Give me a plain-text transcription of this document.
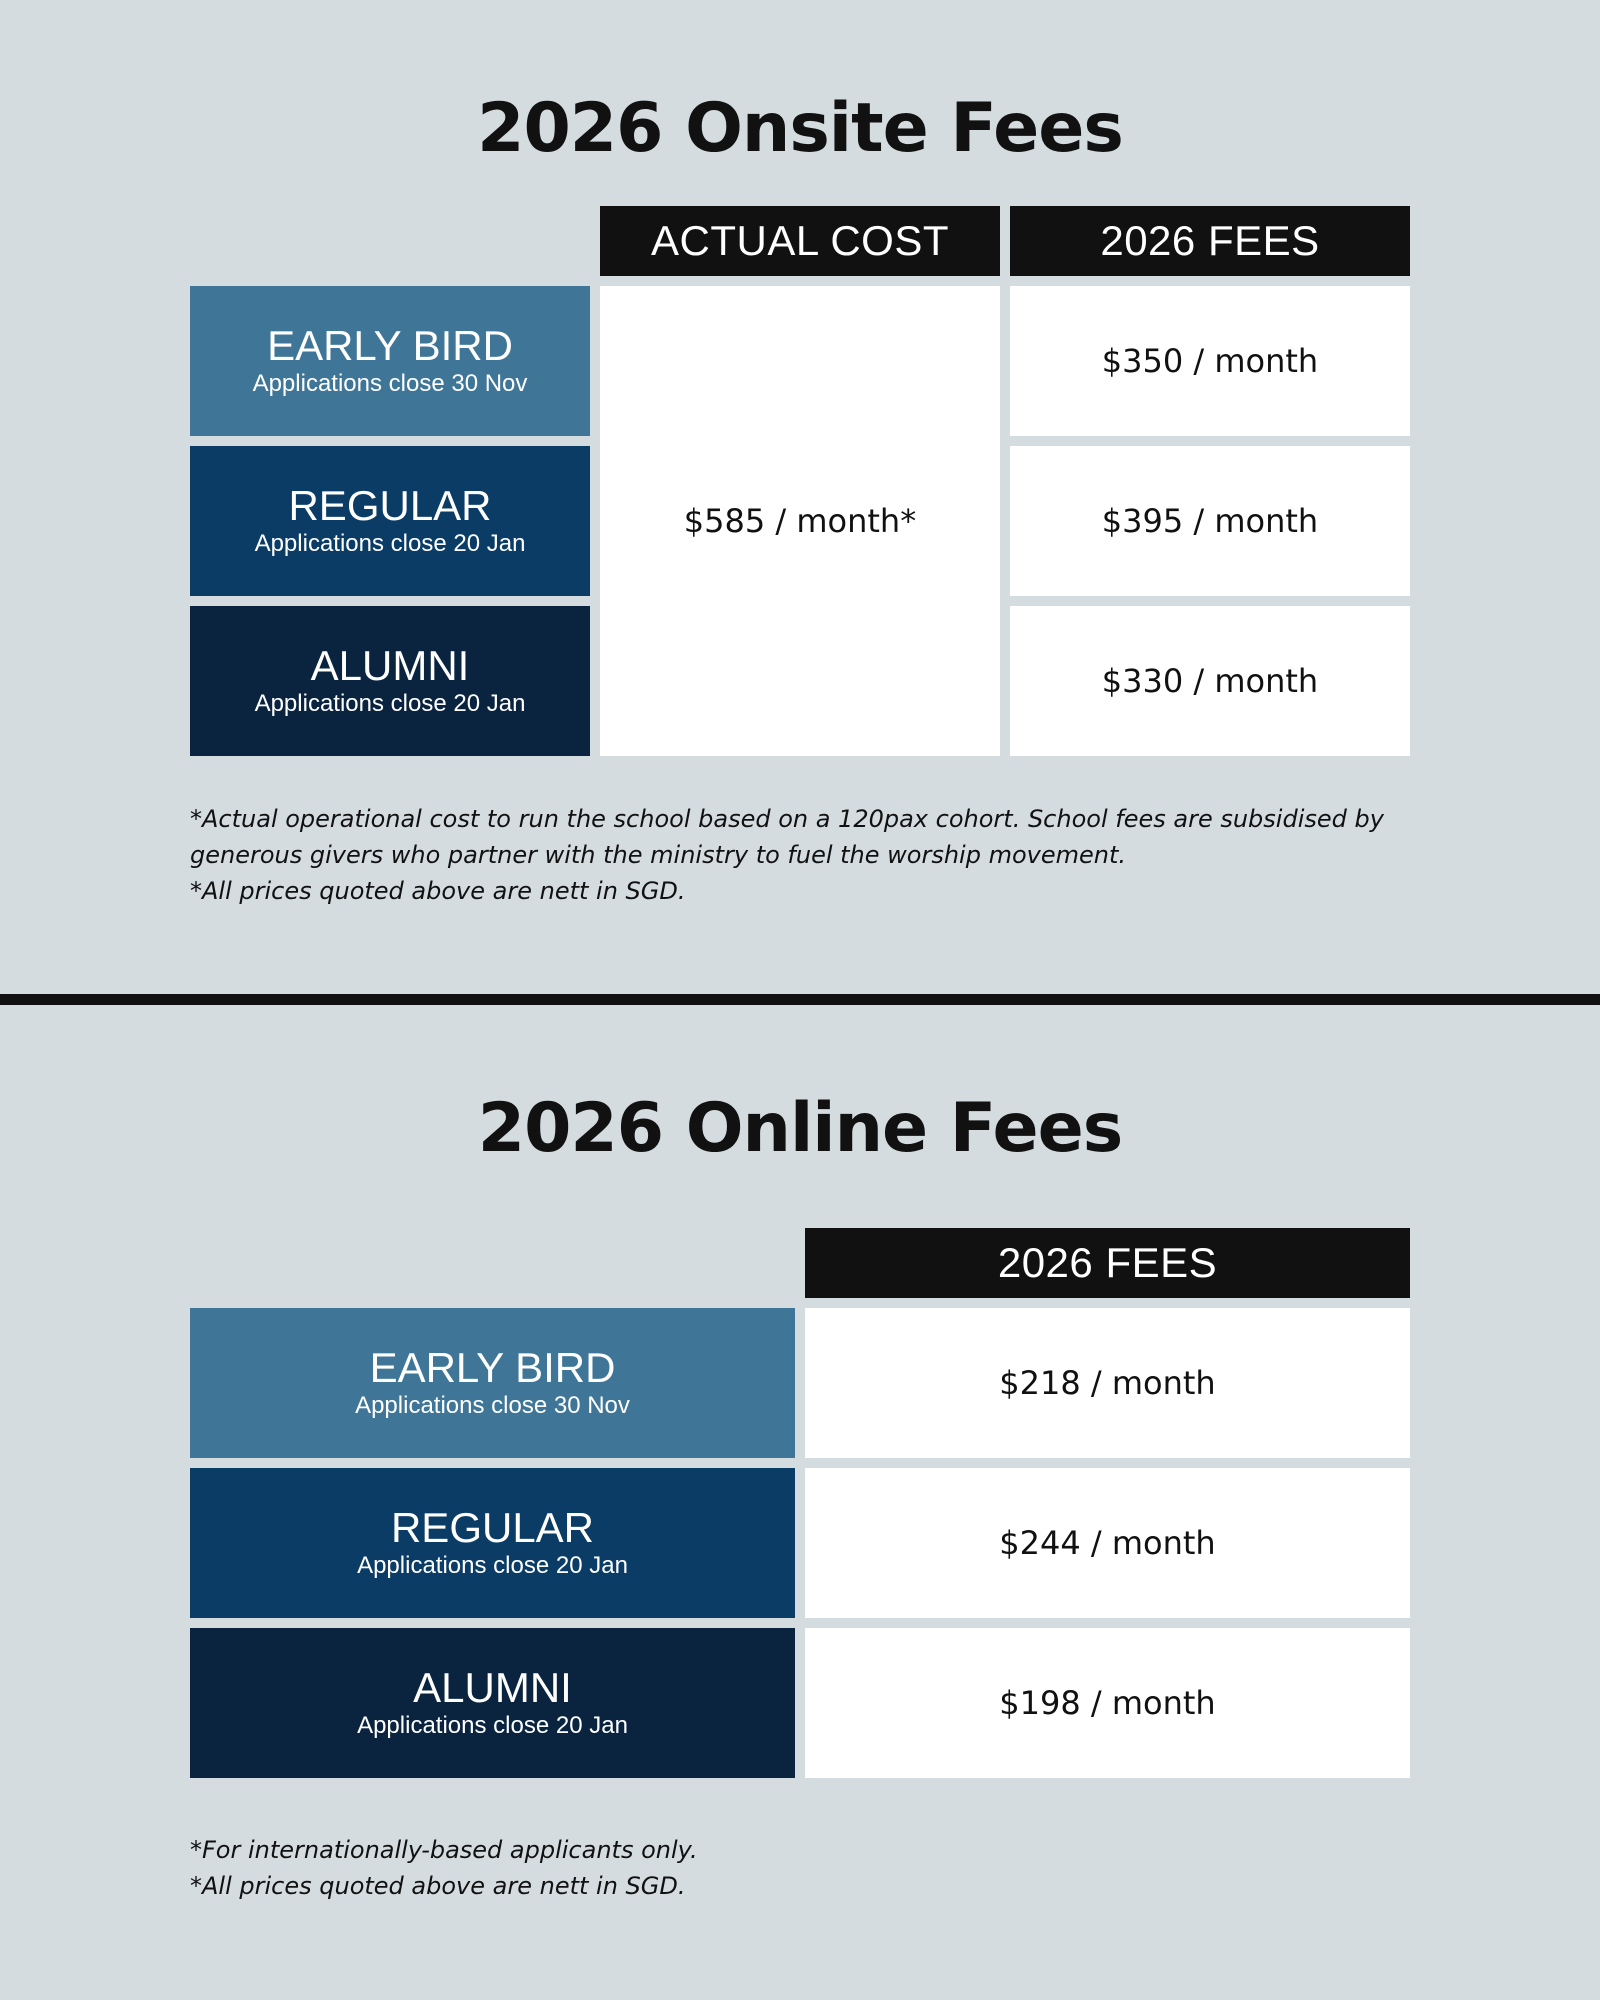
2026 Onsite Fees
ACTUAL COST	2026 FEES
EARLY BIRD
Applications close 30 Nov
REGULAR
Applications close 20 Jan
ALUMNI
Applications close 20 Jan
$585 / month*
$350 / month
$395 / month
$330 / month
*Actual operational cost to run the school based on a 120pax cohort. School fees are subsidised by
generous givers who partner with the ministry to fuel the worship movement.
*All prices quoted above are nett in SGD.
2026 Online Fees
2026 FEES
EARLY BIRD
Applications close 30 Nov
REGULAR
Applications close 20 Jan
ALUMNI
Applications close 20 Jan
$218 / month
$244 / month
$198 / month
*For internationally-based applicants only.
*All prices quoted above are nett in SGD.
